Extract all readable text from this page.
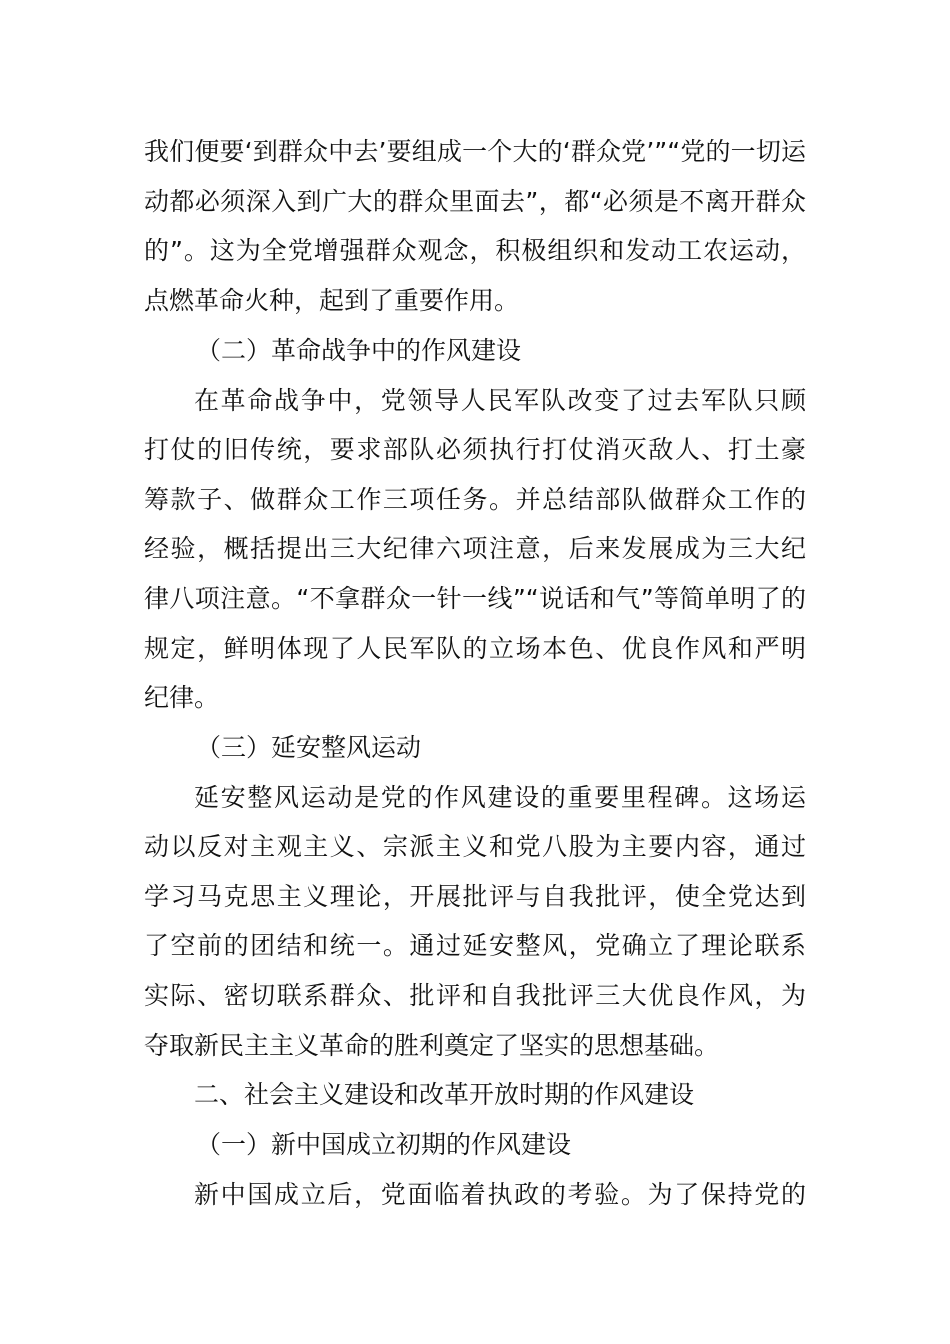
我们便要‘到群众中去’要组成一个大的‘群众党’”“党的一切运
动都必须深入到广大的群众里面去”，都“必须是不离开群众
的”。这为全党增强群众观念，积极组织和发动工农运动，
点燃革命火种，起到了重要作用。
（二）革命战争中的作风建设
在革命战争中，党领导人民军队改变了过去军队只顾
打仗的旧传统，要求部队必须执行打仗消灭敌人、打土豪
筹款子、做群众工作三项任务。并总结部队做群众工作的
经验，概括提出三大纪律六项注意，后来发展成为三大纪
律八项注意。“不拿群众一针一线”“说话和气”等简单明了的
规定，鲜明体现了人民军队的立场本色、优良作风和严明
纪律。
（三）延安整风运动
延安整风运动是党的作风建设的重要里程碑。这场运
动以反对主观主义、宗派主义和党八股为主要内容，通过
学习马克思主义理论，开展批评与自我批评，使全党达到
了空前的团结和统一。通过延安整风，党确立了理论联系
实际、密切联系群众、批评和自我批评三大优良作风，为
夺取新民主主义革命的胜利奠定了坚实的思想基础。
二、社会主义建设和改革开放时期的作风建设
（一）新中国成立初期的作风建设
新中国成立后，党面临着执政的考验。为了保持党的
